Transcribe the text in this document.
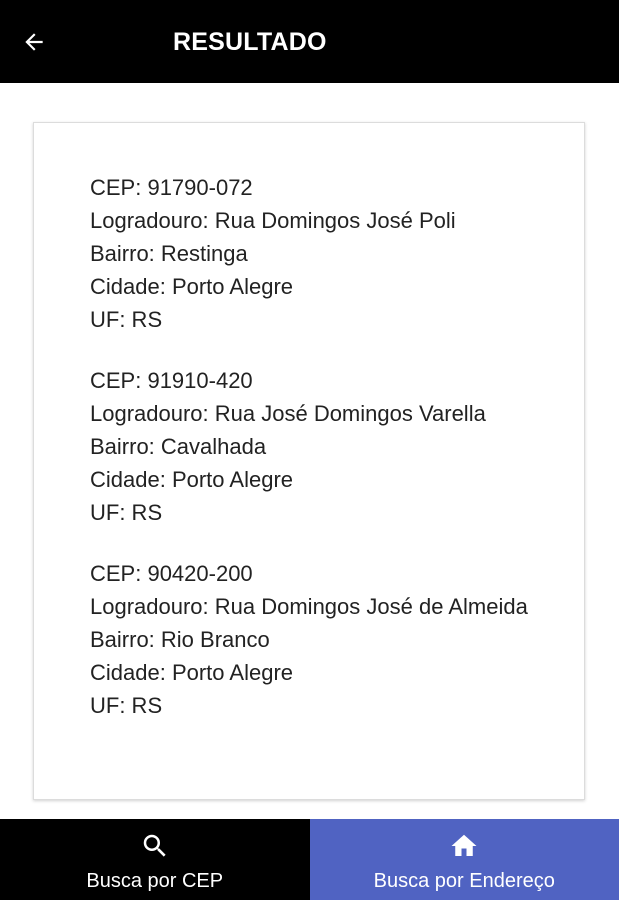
RESULTADO
CEP: 91790-072
Logradouro: Rua Domingos José Poli
Bairro: Restinga
Cidade: Porto Alegre
UF: RS
CEP: 91910-420
Logradouro: Rua José Domingos Varella
Bairro: Cavalhada
Cidade: Porto Alegre
UF: RS
CEP: 90420-200
Logradouro: Rua Domingos José de Almeida
Bairro: Rio Branco
Cidade: Porto Alegre
UF: RS
Busca por CEP	Busca por Endereço
